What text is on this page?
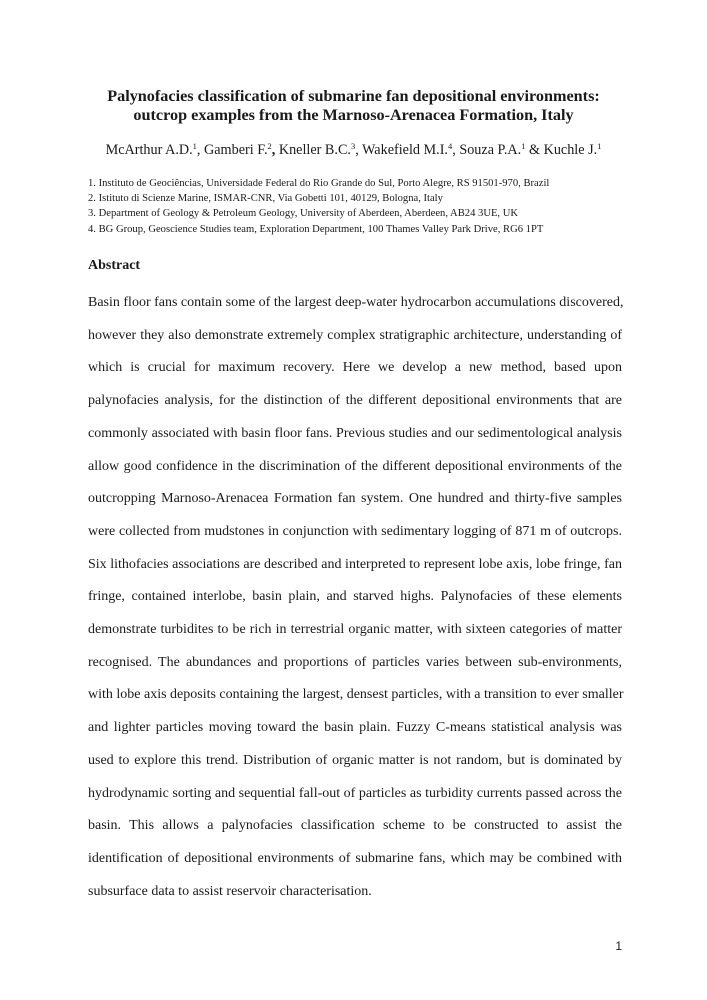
Palynofacies classification of submarine fan depositional environments:
outcrop examples from the Marnoso-Arenacea Formation, Italy

McArthur A.D.$^1$, Gamberi F.$^2$, Kneller B.C.$^3$, Wakefield M.I.$^4$, Souza P.A.$^1$ & Kuchle J.$^1$

1. Instituto de Geociências, Universidade Federal do Rio Grande do Sul, Porto Alegre, RS 91501-970, Brazil
2. Istituto di Scienze Marine, ISMAR-CNR, Via Gobetti 101, 40129, Bologna, Italy
3. Department of Geology & Petroleum Geology, University of Aberdeen, Aberdeen, AB24 3UE, UK
4. BG Group, Geoscience Studies team, Exploration Department, 100 Thames Valley Park Drive, RG6 1PT
Abstract
Basin floor fans contain some of the largest deep-water hydrocarbon accumulations discovered,
however they also demonstrate extremely complex stratigraphic architecture, understanding of
which is crucial for maximum recovery. Here we develop a new method, based upon
palynofacies analysis, for the distinction of the different depositional environments that are
commonly associated with basin floor fans. Previous studies and our sedimentological analysis
allow good confidence in the discrimination of the different depositional environments of the
outcropping Marnoso-Arenacea Formation fan system. One hundred and thirty-five samples
were collected from mudstones in conjunction with sedimentary logging of 871 m of outcrops.
Six lithofacies associations are described and interpreted to represent lobe axis, lobe fringe, fan
fringe, contained interlobe, basin plain, and starved highs. Palynofacies of these elements
demonstrate turbidites to be rich in terrestrial organic matter, with sixteen categories of matter
recognised. The abundances and proportions of particles varies between sub-environments,
with lobe axis deposits containing the largest, densest particles, with a transition to ever smaller
and lighter particles moving toward the basin plain. Fuzzy C-means statistical analysis was
used to explore this trend. Distribution of organic matter is not random, but is dominated by
hydrodynamic sorting and sequential fall-out of particles as turbidity currents passed across the
basin. This allows a palynofacies classification scheme to be constructed to assist the
identification of depositional environments of submarine fans, which may be combined with
subsurface data to assist reservoir characterisation.
1
